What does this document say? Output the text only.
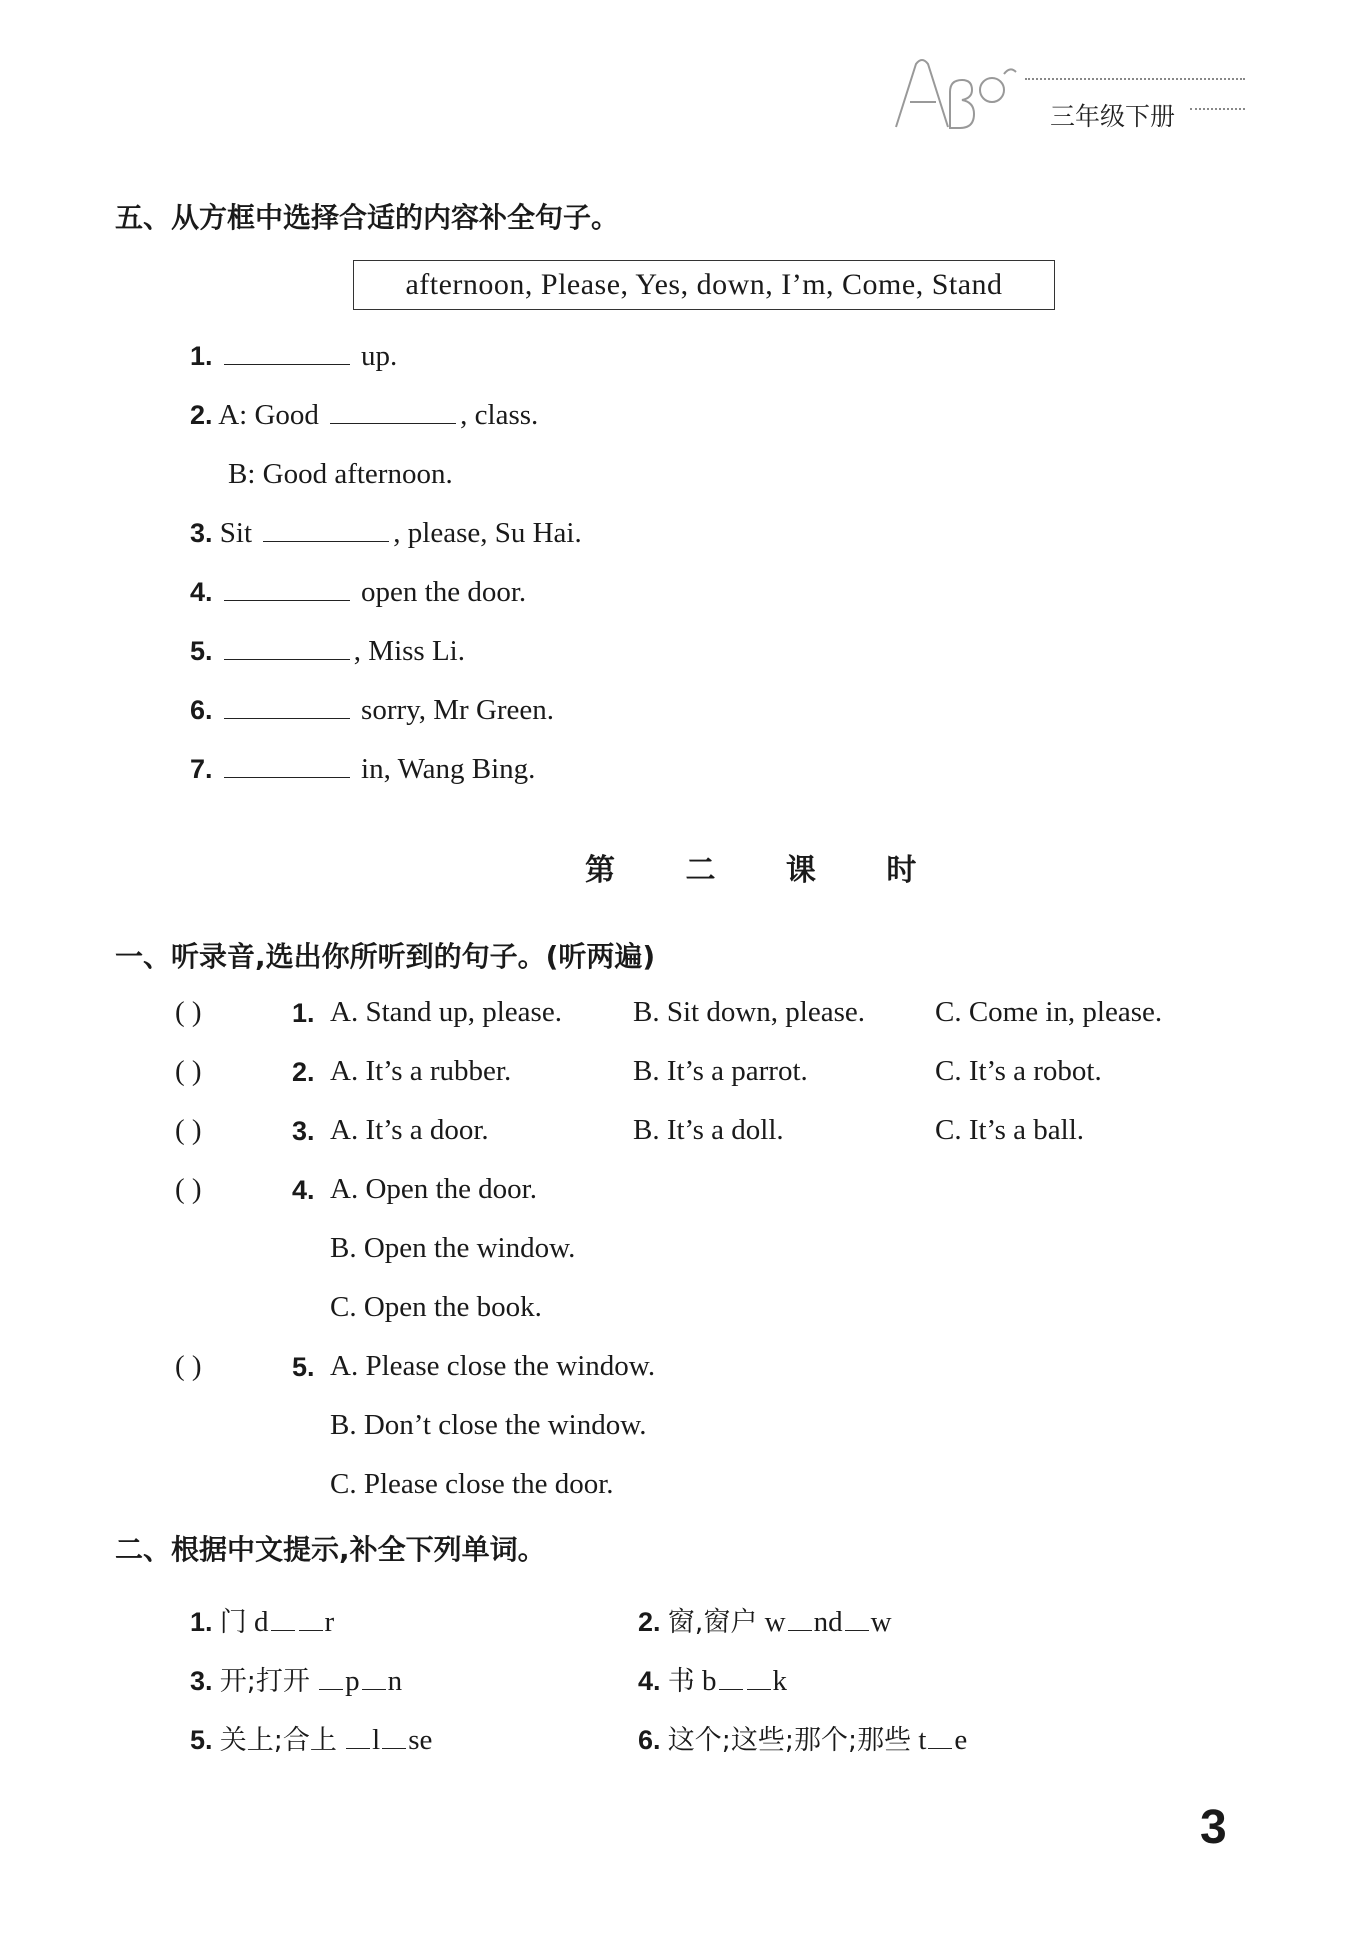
三年级下册
五、从方框中选择合适的内容补全句子。
afternoon, Please, Yes, down, I’m, Come, Stand
1.	up.
2. A: Good	, class.
B: Good afternoon.
3. Sit	, please, Su Hai.
4.	open the door.
5.	, Miss Li.
6.	sorry, Mr Green.
7.	in, Wang Bing.
第 二 课 时
一、听录音,选出你所听到的句子。(听两遍)
( )	1. A. Stand up, please. B. Sit down, please. C. Come in, please.
( )	2. A. It’s a rubber.	B. It’s a parrot.	C. It’s a robot.
( )	3. A. It’s a door.	B. It’s a doll.	C. It’s a ball.
( )	4. A. Open the door.
B. Open the window.
C. Open the book.
( )	5. A. Please close the window.
B. Don’t close the window.
C. Please close the door.
二、根据中文提示,补全下列单词。
1. 门 d r	2. 窗,窗户 w nd w
3. 开;打开 p n	4. 书 b k
5. 关上;合上 l se	6. 这个;这些;那个;那些 t e
3
